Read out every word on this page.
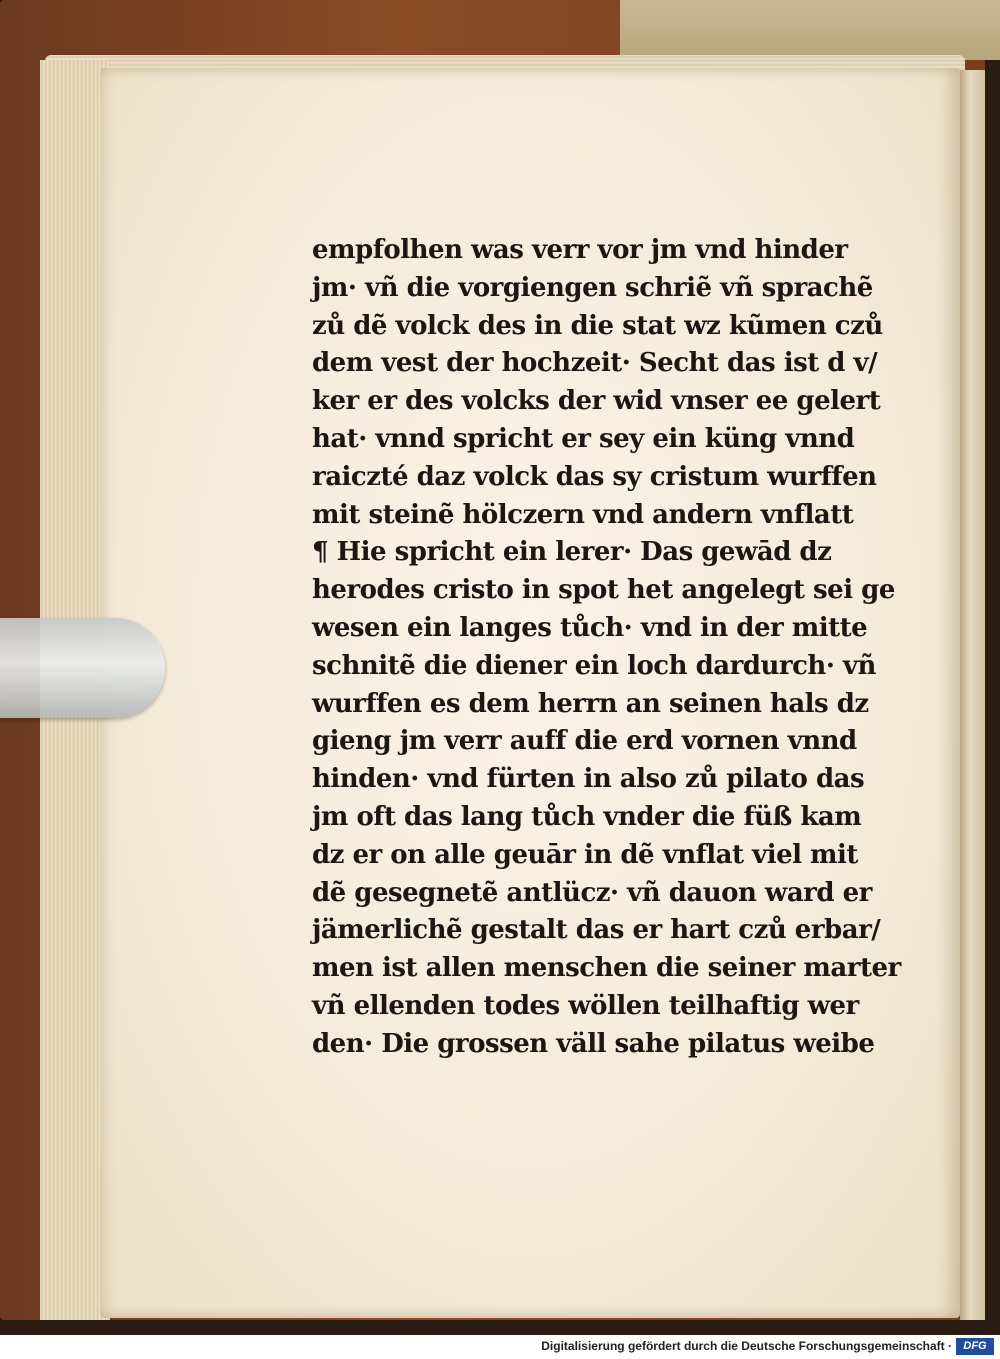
empfolhen was verr vor jm vnd hinder
jm· vñ die vorgiengen schriẽ vñ sprachẽ
zů dẽ volck des in die stat wz kũmen czů
dem vest der hochzeit· Secht das ist d v/
ker er des volcks der wid vnser ee gelert
hat· vnnd spricht er sey ein küng vnnd
raiczté daz volck das sy cristum wurffen
mit steinẽ hölczern vnd andern vnflatt
¶ Hie spricht ein lerer· Das gewād dz
herodes cristo in spot het angelegt sei ge
wesen ein langes tůch· vnd in der mitte
schnitẽ die diener ein loch dardurch· vñ
wurffen es dem herrn an seinen hals dz
gieng jm verr auff die erd vornen vnnd
hinden· vnd fürten in also zů pilato das
jm oft das lang tůch vnder die füß kam
dz er on alle geuār in dẽ vnflat viel mit
dẽ gesegnetẽ antlücz· vñ dauon ward er
jämerlichẽ gestalt das er hart czů erbar/
men ist allen menschen die seiner marter
vñ ellenden todes wöllen teilhaftig wer
den· Die grossen väll sahe pilatus weibe
Digitalisierung gefördert durch die Deutsche Forschungsgemeinschaft ·	DFG
